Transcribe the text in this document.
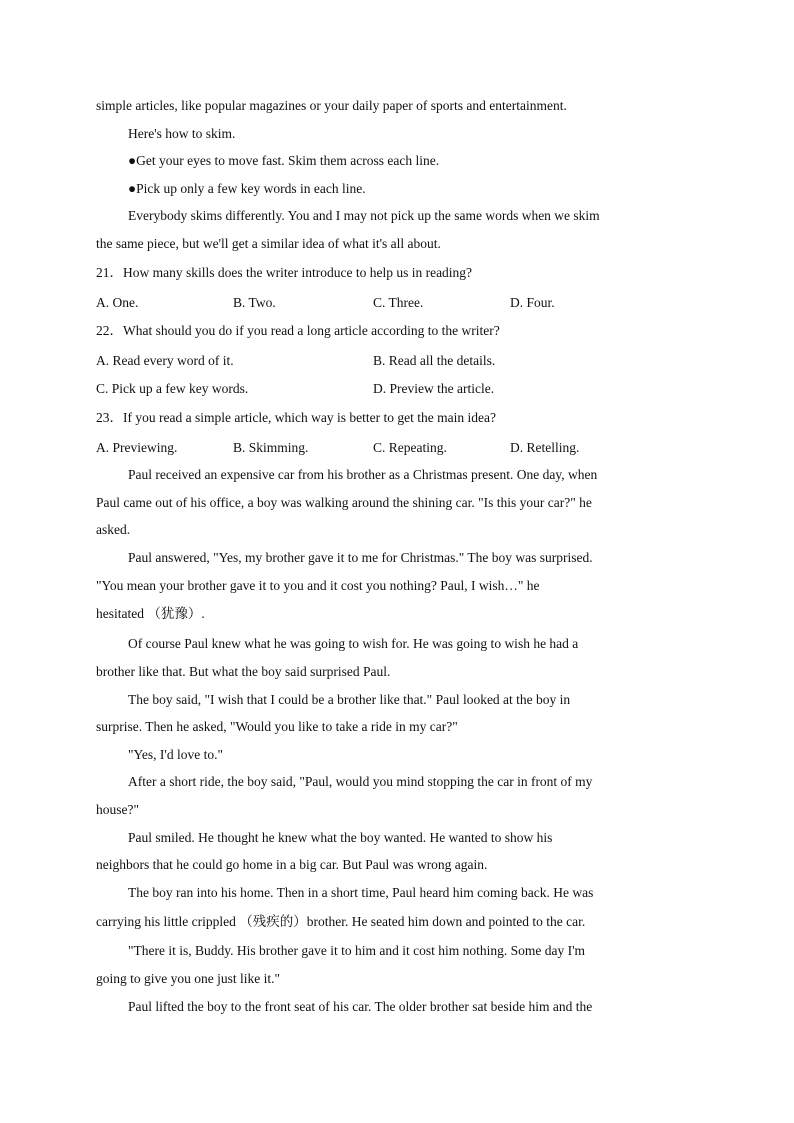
simple articles, like popular magazines or your daily paper of sports and entertainment.
Here's how to skim.
●Get your eyes to move fast. Skim them across each line.
●Pick up only a few key words in each line.
Everybody skims differently. You and I may not pick up the same words when we skim
the same piece, but we'll get a similar idea of what it's all about.
21．How many skills does the writer introduce to help us in reading?
A. One.	B. Two.	C. Three.	D. Four.
22．What should you do if you read a long article according to the writer?
A. Read every word of it.	B. Read all the details.
C. Pick up a few key words.	D. Preview the article.
23．If you read a simple article, which way is better to get the main idea?
A. Previewing.	B. Skimming.	C. Repeating.	D. Retelling.
Paul received an expensive car from his brother as a Christmas present. One day, when
Paul came out of his office, a boy was walking around the shining car. "Is this your car?" he
asked.
Paul answered, "Yes, my brother gave it to me for Christmas." The boy was surprised.
"You mean your brother gave it to you and it cost you nothing? Paul, I wish…" he
hesitated （犹豫）.
Of course Paul knew what he was going to wish for. He was going to wish he had a
brother like that. But what the boy said surprised Paul.
The boy said, "I wish that I could be a brother like that." Paul looked at the boy in
surprise. Then he asked, "Would you like to take a ride in my car?"
"Yes, I'd love to."
After a short ride, the boy said, "Paul, would you mind stopping the car in front of my
house?"
Paul smiled. He thought he knew what the boy wanted. He wanted to show his
neighbors that he could go home in a big car. But Paul was wrong again.
The boy ran into his home. Then in a short time, Paul heard him coming back. He was
carrying his little crippled （残疾的）brother. He seated him down and pointed to the car.
"There it is, Buddy. His brother gave it to him and it cost him nothing. Some day I'm
going to give you one just like it."
Paul lifted the boy to the front seat of his car. The older brother sat beside him and the
